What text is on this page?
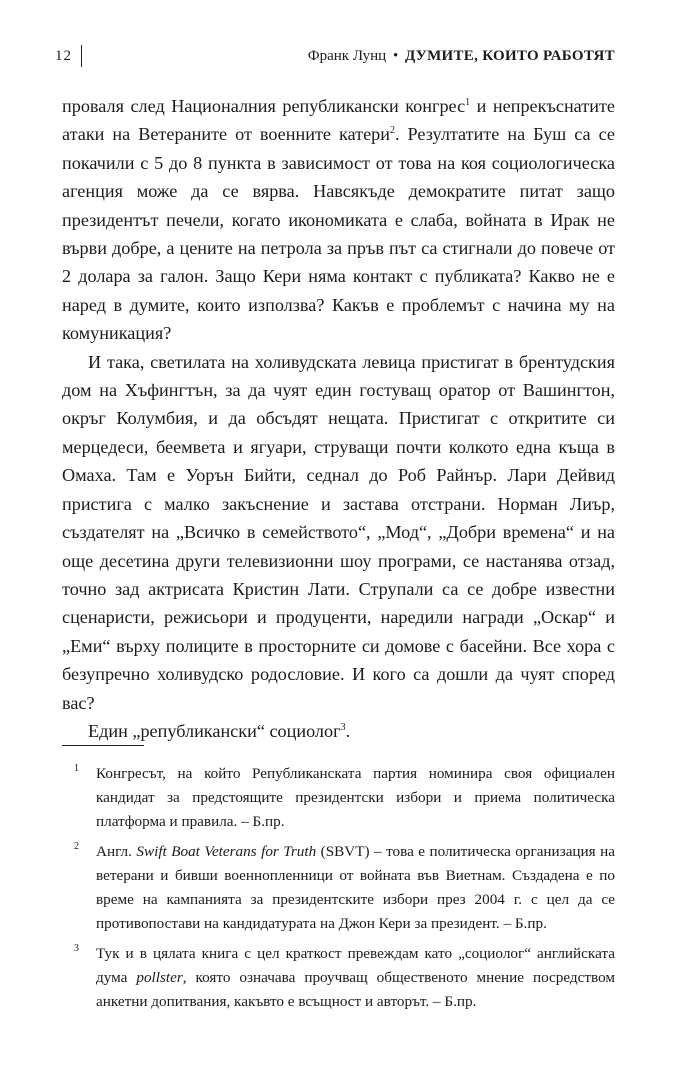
12	Франк Лунц • ДУМИТЕ, КОИТО РАБОТЯТ

проваля след Националния републикански конгрес$^1$ и непрекъснатите атаки на Ветераните от военните катери$^2$. Резултатите на Буш са се покачили с 5 до 8 пункта в зависимост от това на коя социологическа агенция може да се вярва. Навсякъде демократите питат защо президентът печели, когато икономиката е слаба, войната в Ирак не върви добре, а цените на петрола за пръв път са стигнали до повече от 2 долара за галон. Защо Кери няма контакт с публиката? Какво не е наред в думите, които използва? Какъв е проблемът с начина му на комуникация?

И така, светилата на холивудската левица пристигат в брентудския дом на Хъфингтън, за да чуят един гостуващ оратор от Вашингтон, окръг Колумбия, и да обсъдят нещата. Пристигат с откритите си мерцедеси, беемвета и ягуари, струващи почти колкото една къща в Омаха. Там е Уорън Бийти, седнал до Роб Райнър. Лари Дейвид пристига с малко закъснение и застава отстрани. Норман Лиър, създателят на „Всичко в семейството“, „Мод“, „Добри времена“ и на още десетина други телевизионни шоу програми, се настанява отзад, точно зад актрисата Кристин Лати. Струпали са се добре известни сценаристи, режисьори и продуценти, наредили награди „Оскар“ и „Еми“ върху полиците в просторните си домове с басейни. Все хора с безупречно холивудско родословие. И кого са дошли да чуят според вас?

Един „републикански“ социолог$^3$.

1 Конгресът, на който Републиканската партия номинира своя официален кандидат за предстоящите президентски избори и приема политическа платформа и правила. – Б.пр.
2 Англ. Swift Boat Veterans for Truth (SBVT) – това е политическа организация на ветерани и бивши военнопленници от войната във Виетнам. Създадена е по време на кампанията за президентските избори през 2004 г. с цел да се противопостави на кандидатурата на Джон Кери за президент. – Б.пр.
3 Тук и в цялата книга с цел краткост превеждам като „социолог“ английската дума pollster, която означава проучващ общественото мнение посредством анкетни допитвания, какъвто е всъщност и авторът. – Б.пр.
